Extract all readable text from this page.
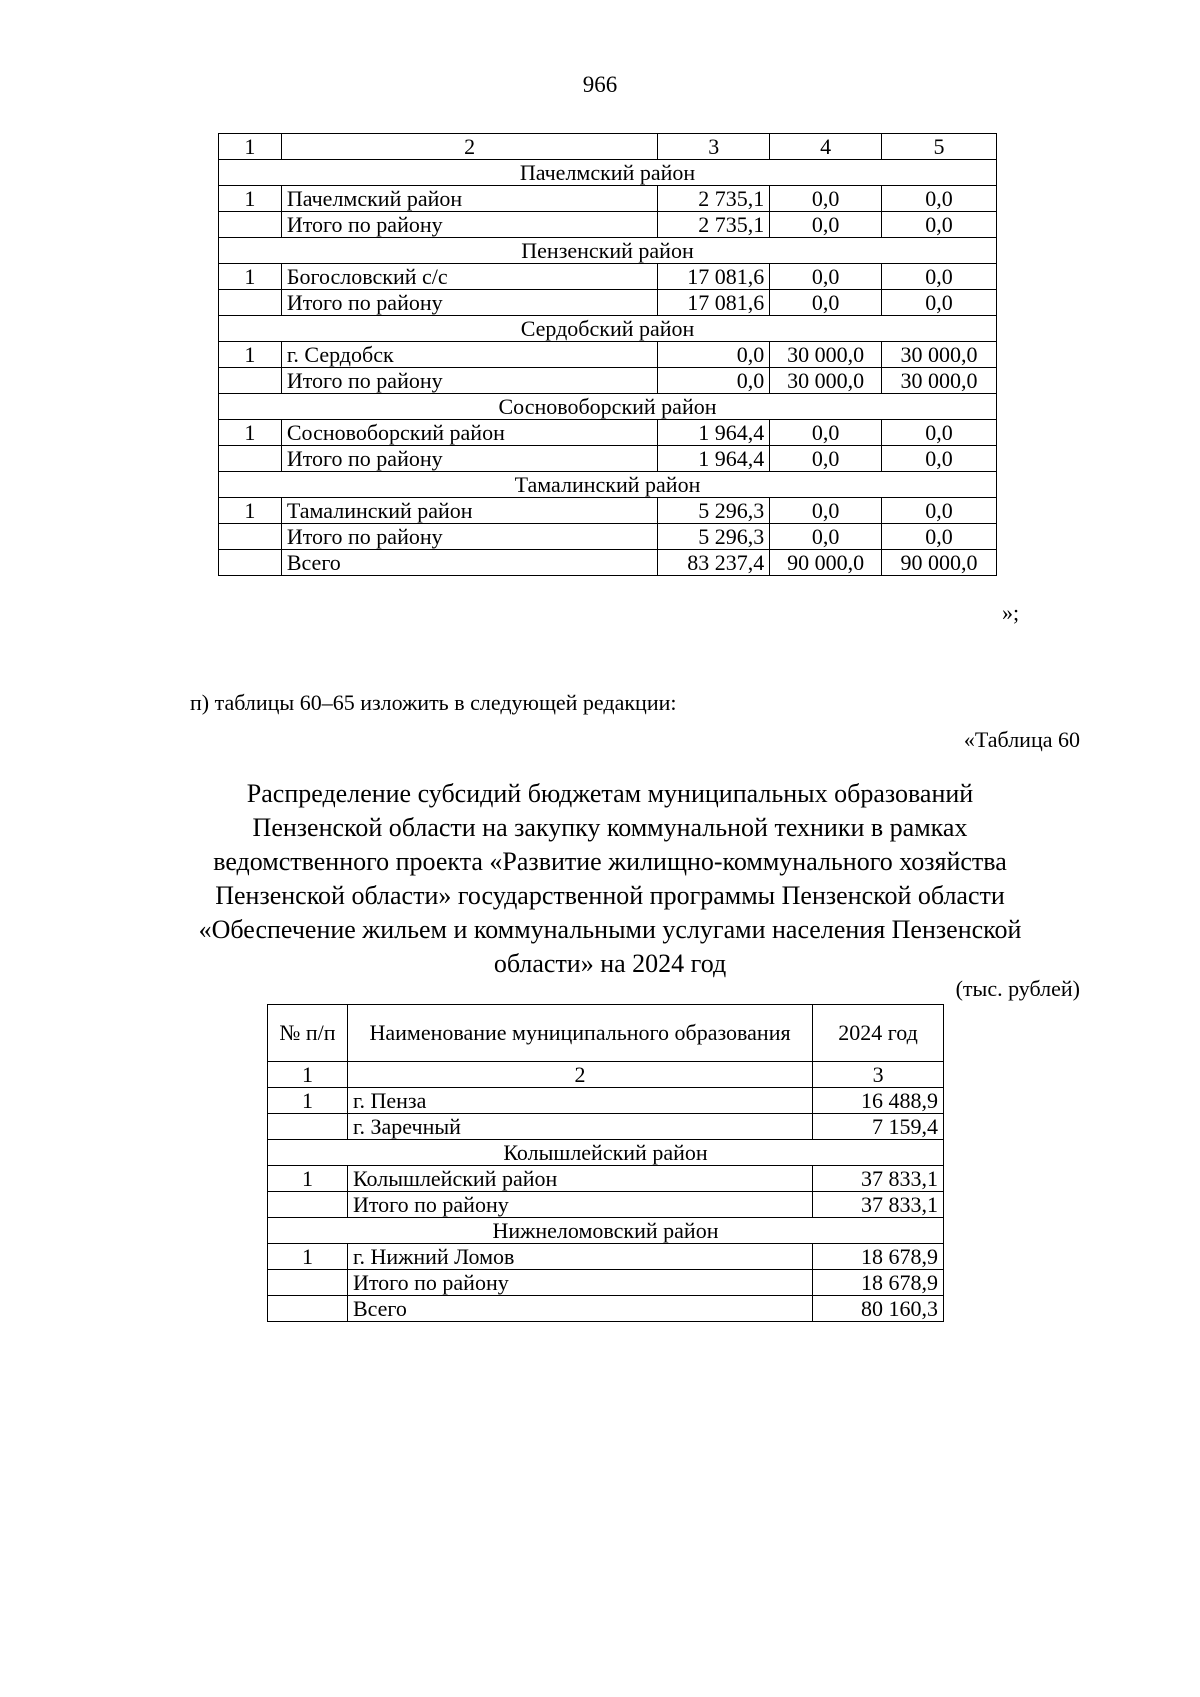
966
1	2	3	4	5
Пачелмский район				
1	Пачелмский район	2 735,1	0,0	0,0
	Итого по району	2 735,1	0,0	0,0
Пензенский район				
1	Богословский с/с	17 081,6	0,0	0,0
	Итого по району	17 081,6	0,0	0,0
Сердобский район				
1	г. Сердобск	0,0	30 000,0	30 000,0
	Итого по району	0,0	30 000,0	30 000,0
Сосновоборский район				
1	Сосновоборский район	1 964,4	0,0	0,0
	Итого по району	1 964,4	0,0	0,0
Тамалинский район				
1	Тамалинский район	5 296,3	0,0	0,0
	Итого по району	5 296,3	0,0	0,0
	Всего	83 237,4	90 000,0	90 000,0
»;
п) таблицы 60–65 изложить в следующей редакции:
«Таблица 60
Распределение субсидий бюджетам муниципальных образований
Пензенской области на закупку коммунальной техники в рамках
ведомственного проекта «Развитие жилищно-коммунального хозяйства
Пензенской области» государственной программы Пензенской области
«Обеспечение жильем и коммунальными услугами населения Пензенской
области» на 2024 год
(тыс. рублей)
№ п/п	Наименование муниципального образования	2024 год
1	2	3
1	г. Пенза	16 488,9
	г. Заречный	7 159,4
Колышлейский район		
1	Колышлейский район	37 833,1
	Итого по району	37 833,1
Нижнеломовский район		
1	г. Нижний Ломов	18 678,9
	Итого по району	18 678,9
	Всего	80 160,3
